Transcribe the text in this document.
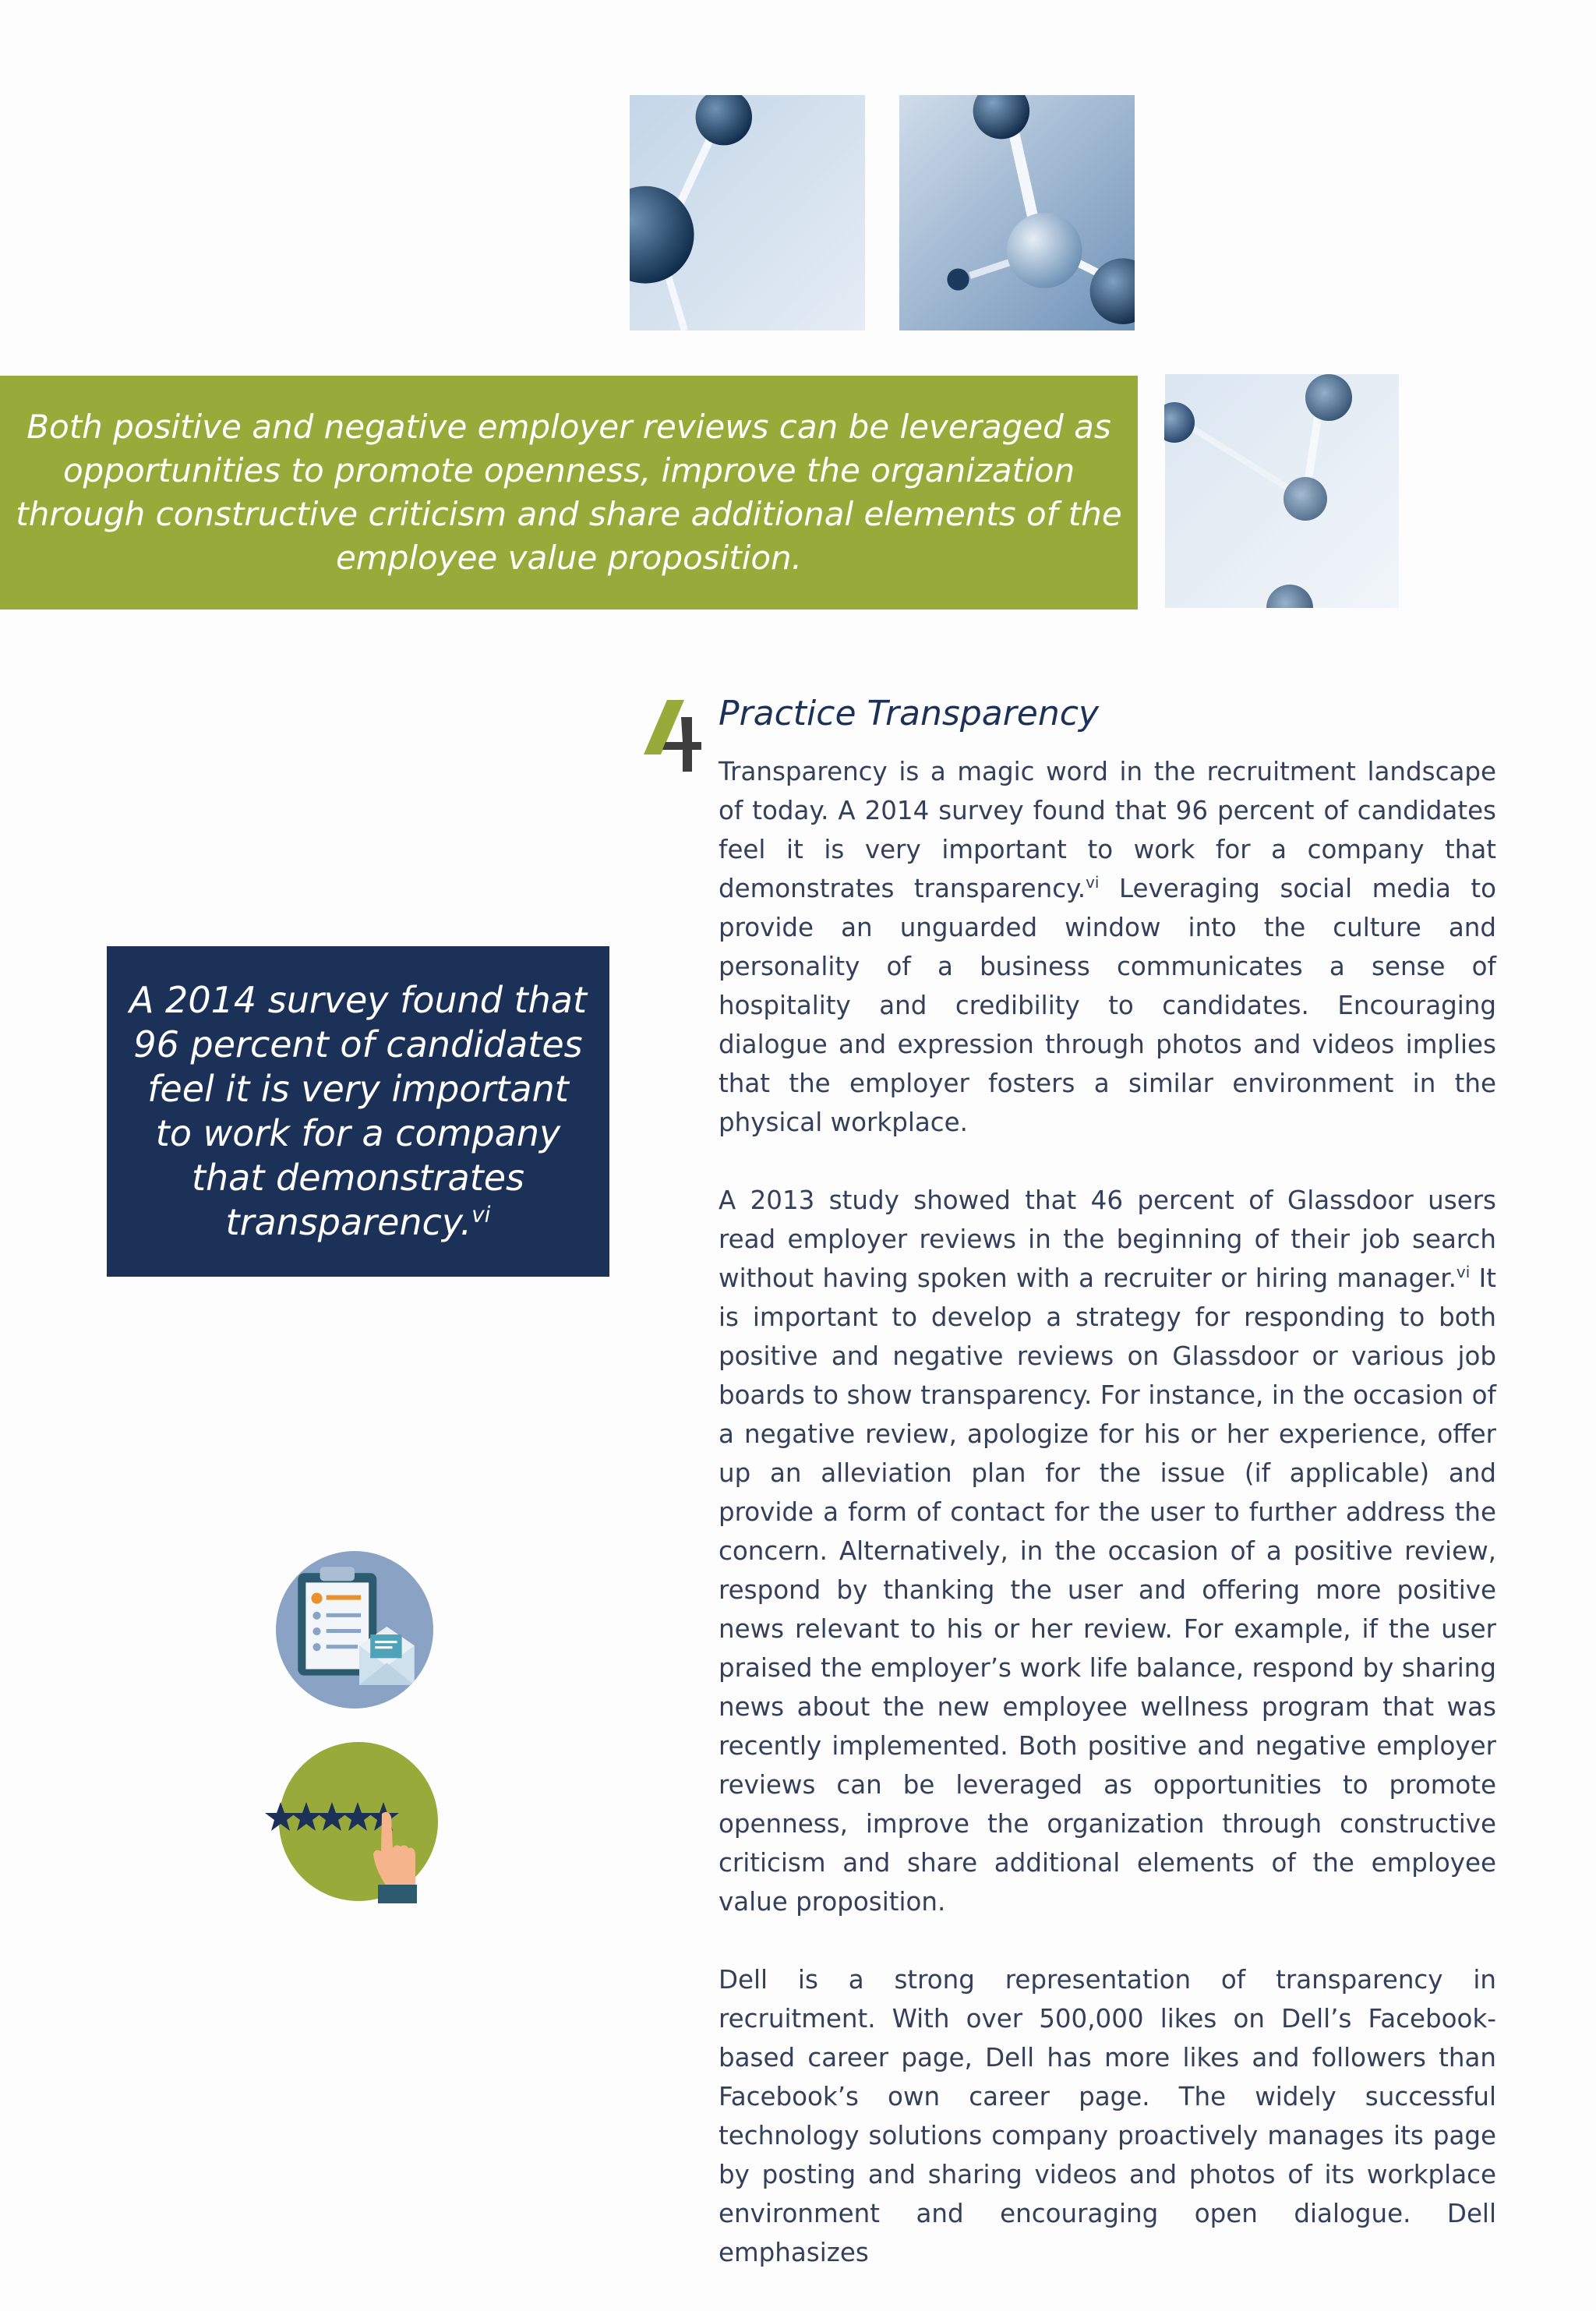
Both positive and negative employer reviews can be leveraged as opportunities to promote openness, improve the organization through constructive criticism and share additional elements of the employee value proposition.

Practice Transparency

A 2014 survey found that 96 percent of candidates feel it is very important to work for a company that demonstrates transparency.$^{vi}$

Transparency is a magic word in the recruitment landscape of today. A 2014 survey found that 96 percent of candidates feel it is very important to work for a company that demonstrates transparency.$^{vi}$ Leveraging social media to provide an unguarded window into the culture and personality of a business communicates a sense of hospitality and credibility to candidates. Encouraging dialogue and expression through photos and videos implies that the employer fosters a similar environment in the physical workplace.

A 2013 study showed that 46 percent of Glassdoor users read employer reviews in the beginning of their job search without having spoken with a recruiter or hiring manager.$^{vi}$ It is important to develop a strategy for responding to both positive and negative reviews on Glassdoor or various job boards to show transparency. For instance, in the occasion of a negative review, apologize for his or her experience, offer up an alleviation plan for the issue (if applicable) and provide a form of contact for the user to further address the concern. Alternatively, in the occasion of a positive review, respond by thanking the user and offering more positive news relevant to his or her review. For example, if the user praised the employer’s work life balance, respond by sharing news about the new employee wellness program that was recently implemented. Both positive and negative employer reviews can be leveraged as opportunities to promote openness, improve the organization through constructive criticism and share additional elements of the employee value proposition.

Dell is a strong representation of transparency in recruitment. With over 500,000 likes on Dell’s Facebook-based career page, Dell has more likes and followers than Facebook’s own career page. The widely successful technology solutions company proactively manages its page by posting and sharing videos and photos of its workplace environment and encouraging open dialogue. Dell emphasizes
